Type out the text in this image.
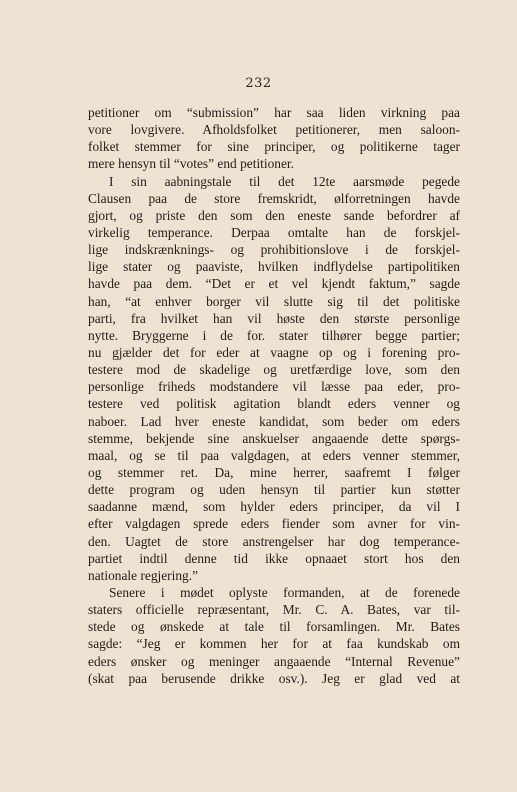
232
petitioner om “submission” har saa liden virkning paa
vore lovgivere. Afholdsfolket petitionerer, men saloon-
folket stemmer for sine principer, og politikerne tager
mere hensyn til “votes” end petitioner.
I sin aabningstale til det 12te aarsmøde pegede
Clausen paa de store fremskridt, ølforretningen havde
gjort, og priste den som den eneste sande befordrer af
virkelig temperance. Derpaa omtalte han de forskjel-
lige indskrænknings- og prohibitionslove i de forskjel-
lige stater og paaviste, hvilken indflydelse partipolitiken
havde paa dem. “Det er et vel kjendt faktum,” sagde
han, “at enhver borger vil slutte sig til det politiske
parti, fra hvilket han vil høste den største personlige
nytte. Bryggerne i de for. stater tilhører begge partier;
nu gjælder det for eder at vaagne op og i forening pro-
testere mod de skadelige og uretfærdige love, som den
personlige friheds modstandere vil læsse paa eder, pro-
testere ved politisk agitation blandt eders venner og
naboer. Lad hver eneste kandidat, som beder om eders
stemme, bekjende sine anskuelser angaaende dette spørgs-
maal, og se til paa valgdagen, at eders venner stemmer,
og stemmer ret. Da, mine herrer, saafremt I følger
dette program og uden hensyn til partier kun støtter
saadanne mænd, som hylder eders principer, da vil I
efter valgdagen sprede eders fiender som avner for vin-
den. Uagtet de store anstrengelser har dog temperance-
partiet indtil denne tid ikke opnaaet stort hos den
nationale regjering.”
Senere i mødet oplyste formanden, at de forenede
staters officielle repræsentant, Mr. C. A. Bates, var til-
stede og ønskede at tale til forsamlingen. Mr. Bates
sagde: “Jeg er kommen her for at faa kundskab om
eders ønsker og meninger angaaende “Internal Revenue”
(skat paa berusende drikke osv.). Jeg er glad ved at
